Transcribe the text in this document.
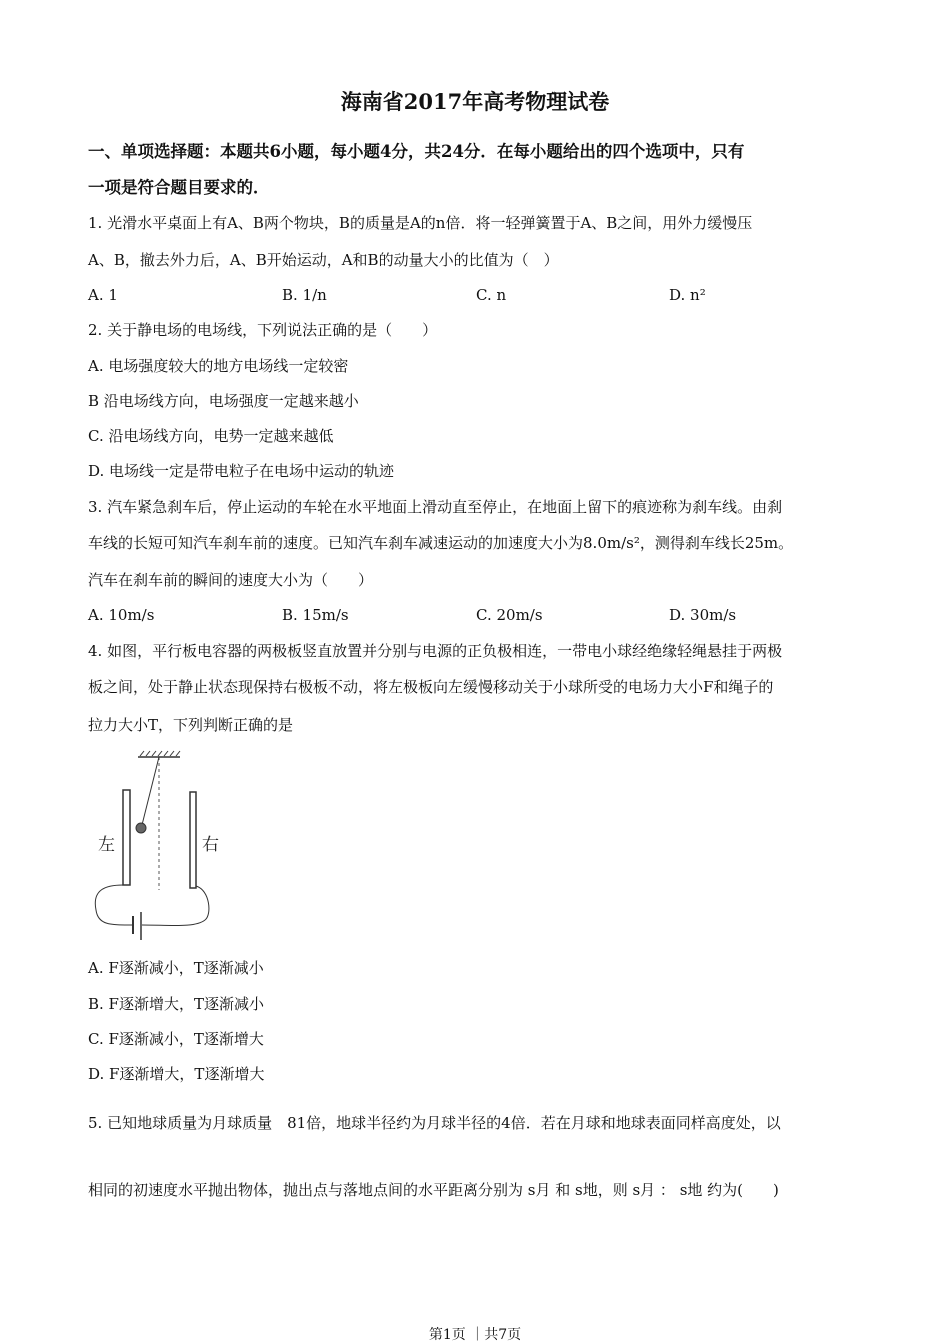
海南省2017年高考物理试卷
一、单项选择题：本题共6小题，每小题4分，共24分．在每小题给出的四个选项中，只有
一项是符合题目要求的．
1. 光滑水平桌面上有A、B两个物块，B的质量是A的n倍．将一轻弹簧置于A、B之间，用外力缓慢压
A、B，撤去外力后，A、B开始运动，A和B的动量大小的比值为（　）
A. 1	B. 1/n	C. n	D. n²
2. 关于静电场的电场线，下列说法正确的是（　　）
A. 电场强度较大的地方电场线一定较密
B 沿电场线方向，电场强度一定越来越小
C. 沿电场线方向，电势一定越来越低
D. 电场线一定是带电粒子在电场中运动的轨迹
3. 汽车紧急刹车后，停止运动的车轮在水平地面上滑动直至停止，在地面上留下的痕迹称为刹车线。由刹
车线的长短可知汽车刹车前的速度。已知汽车刹车减速运动的加速度大小为8.0m/s²，测得刹车线长25m。
汽车在刹车前的瞬间的速度大小为（　　）
A. 10m/s	B. 15m/s	C. 20m/s	D. 30m/s
4. 如图，平行板电容器的两极板竖直放置并分别与电源的正负极相连，一带电小球经绝缘轻绳悬挂于两极
板之间，处于静止状态现保持右极板不动，将左极板向左缓慢移动关于小球所受的电场力大小F和绳子的
拉力大小T，下列判断正确的是
左	右
A. F逐渐减小，T逐渐减小
B. F逐渐增大，T逐渐减小
C. F逐渐减小，T逐渐增大
D. F逐渐增大，T逐渐增大
5. 已知地球质量为月球质量　81倍，地球半径约为月球半径的4倍．若在月球和地球表面同样高度处，以
相同的初速度水平抛出物体，抛出点与落地点间的水平距离分别为 s月 和 s地，则 s月 ： s地 约为(　　)
第1页 ｜共7页
